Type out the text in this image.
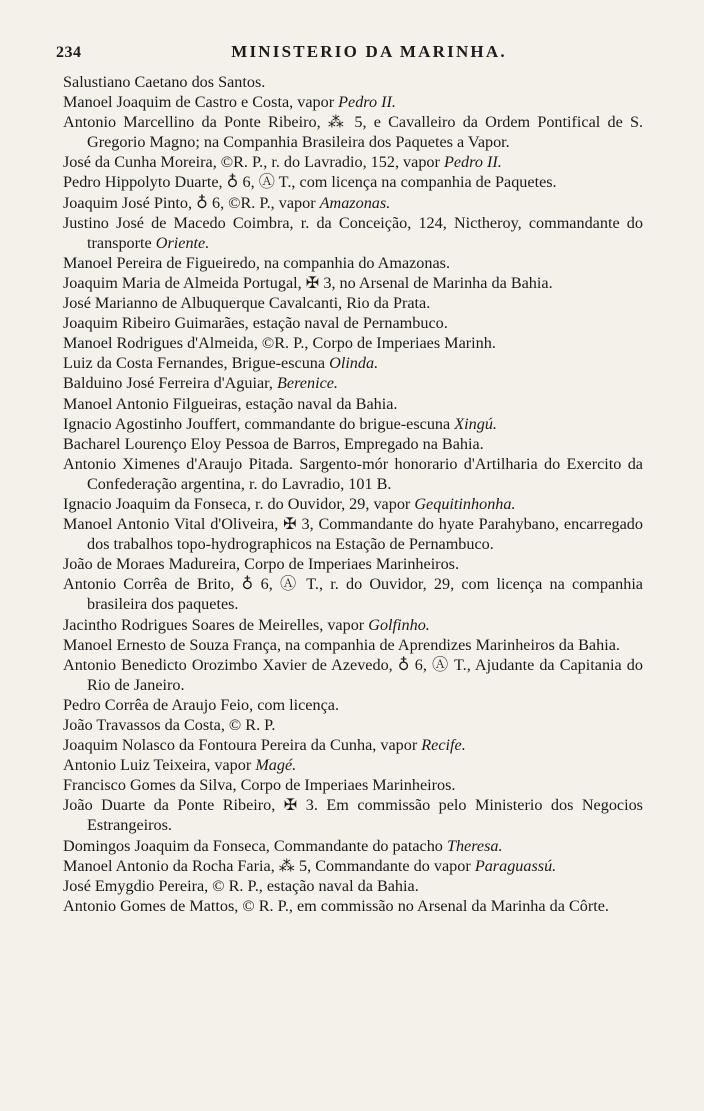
234	MINISTERIO DA MARINHA.

Salustiano Caetano dos Santos.

Manoel Joaquim de Castro e Costa, vapor Pedro II.

Antonio Marcellino da Ponte Ribeiro, ⁂ 5, e Cavalleiro da Ordem Pontifical de S. Gregorio Magno; na Companhia Brasileira dos Paquetes a Vapor.

José da Cunha Moreira, ©R. P., r. do Lavradio, 152, vapor Pedro II.

Pedro Hippolyto Duarte, ♁ 6, Ⓐ T., com licença na companhia de Paquetes.

Joaquim José Pinto, ♁ 6, ©R. P., vapor Amazonas.

Justino José de Macedo Coimbra, r. da Conceição, 124, Nictheroy, commandante do transporte Oriente.

Manoel Pereira de Figueiredo, na companhia do Amazonas.

Joaquim Maria de Almeida Portugal, ✠ 3, no Arsenal de Marinha da Bahia.

José Marianno de Albuquerque Cavalcanti, Rio da Prata.

Joaquim Ribeiro Guimarães, estação naval de Pernambuco.

Manoel Rodrigues d'Almeida, ©R. P., Corpo de Imperiaes Marinh.

Luiz da Costa Fernandes, Brigue-escuna Olinda.

Balduino José Ferreira d'Aguiar, Berenice.

Manoel Antonio Filgueiras, estação naval da Bahia.

Ignacio Agostinho Jouffert, commandante do brigue-escuna Xingú.

Bacharel Lourenço Eloy Pessoa de Barros, Empregado na Bahia.

Antonio Ximenes d'Araujo Pitada. Sargento-mór honorario d'Artilharia do Exercito da Confederação argentina, r. do Lavradio, 101 B.

Ignacio Joaquim da Fonseca, r. do Ouvidor, 29, vapor Gequitinhonha.

Manoel Antonio Vital d'Oliveira, ✠ 3, Commandante do hyate Parahybano, encarregado dos trabalhos topo-hydrographicos na Estação de Pernambuco.

João de Moraes Madureira, Corpo de Imperiaes Marinheiros.

Antonio Corrêa de Brito, ♁ 6, Ⓐ T., r. do Ouvidor, 29, com licença na companhia brasileira dos paquetes.

Jacintho Rodrigues Soares de Meirelles, vapor Golfinho.

Manoel Ernesto de Souza França, na companhia de Aprendizes Marinheiros da Bahia.

Antonio Benedicto Orozimbo Xavier de Azevedo, ♁ 6, Ⓐ T., Ajudante da Capitania do Rio de Janeiro.

Pedro Corrêa de Araujo Feio, com licença.

João Travassos da Costa, © R. P.

Joaquim Nolasco da Fontoura Pereira da Cunha, vapor Recife.

Antonio Luiz Teixeira, vapor Magé.

Francisco Gomes da Silva, Corpo de Imperiaes Marinheiros.

João Duarte da Ponte Ribeiro, ✠ 3. Em commissão pelo Ministerio dos Negocios Estrangeiros.

Domingos Joaquim da Fonseca, Commandante do patacho Theresa.

Manoel Antonio da Rocha Faria, ⁂ 5, Commandante do vapor Paraguassú.

José Emygdio Pereira, © R. P., estação naval da Bahia.

Antonio Gomes de Mattos, © R. P., em commissão no Arsenal da Marinha da Côrte.
